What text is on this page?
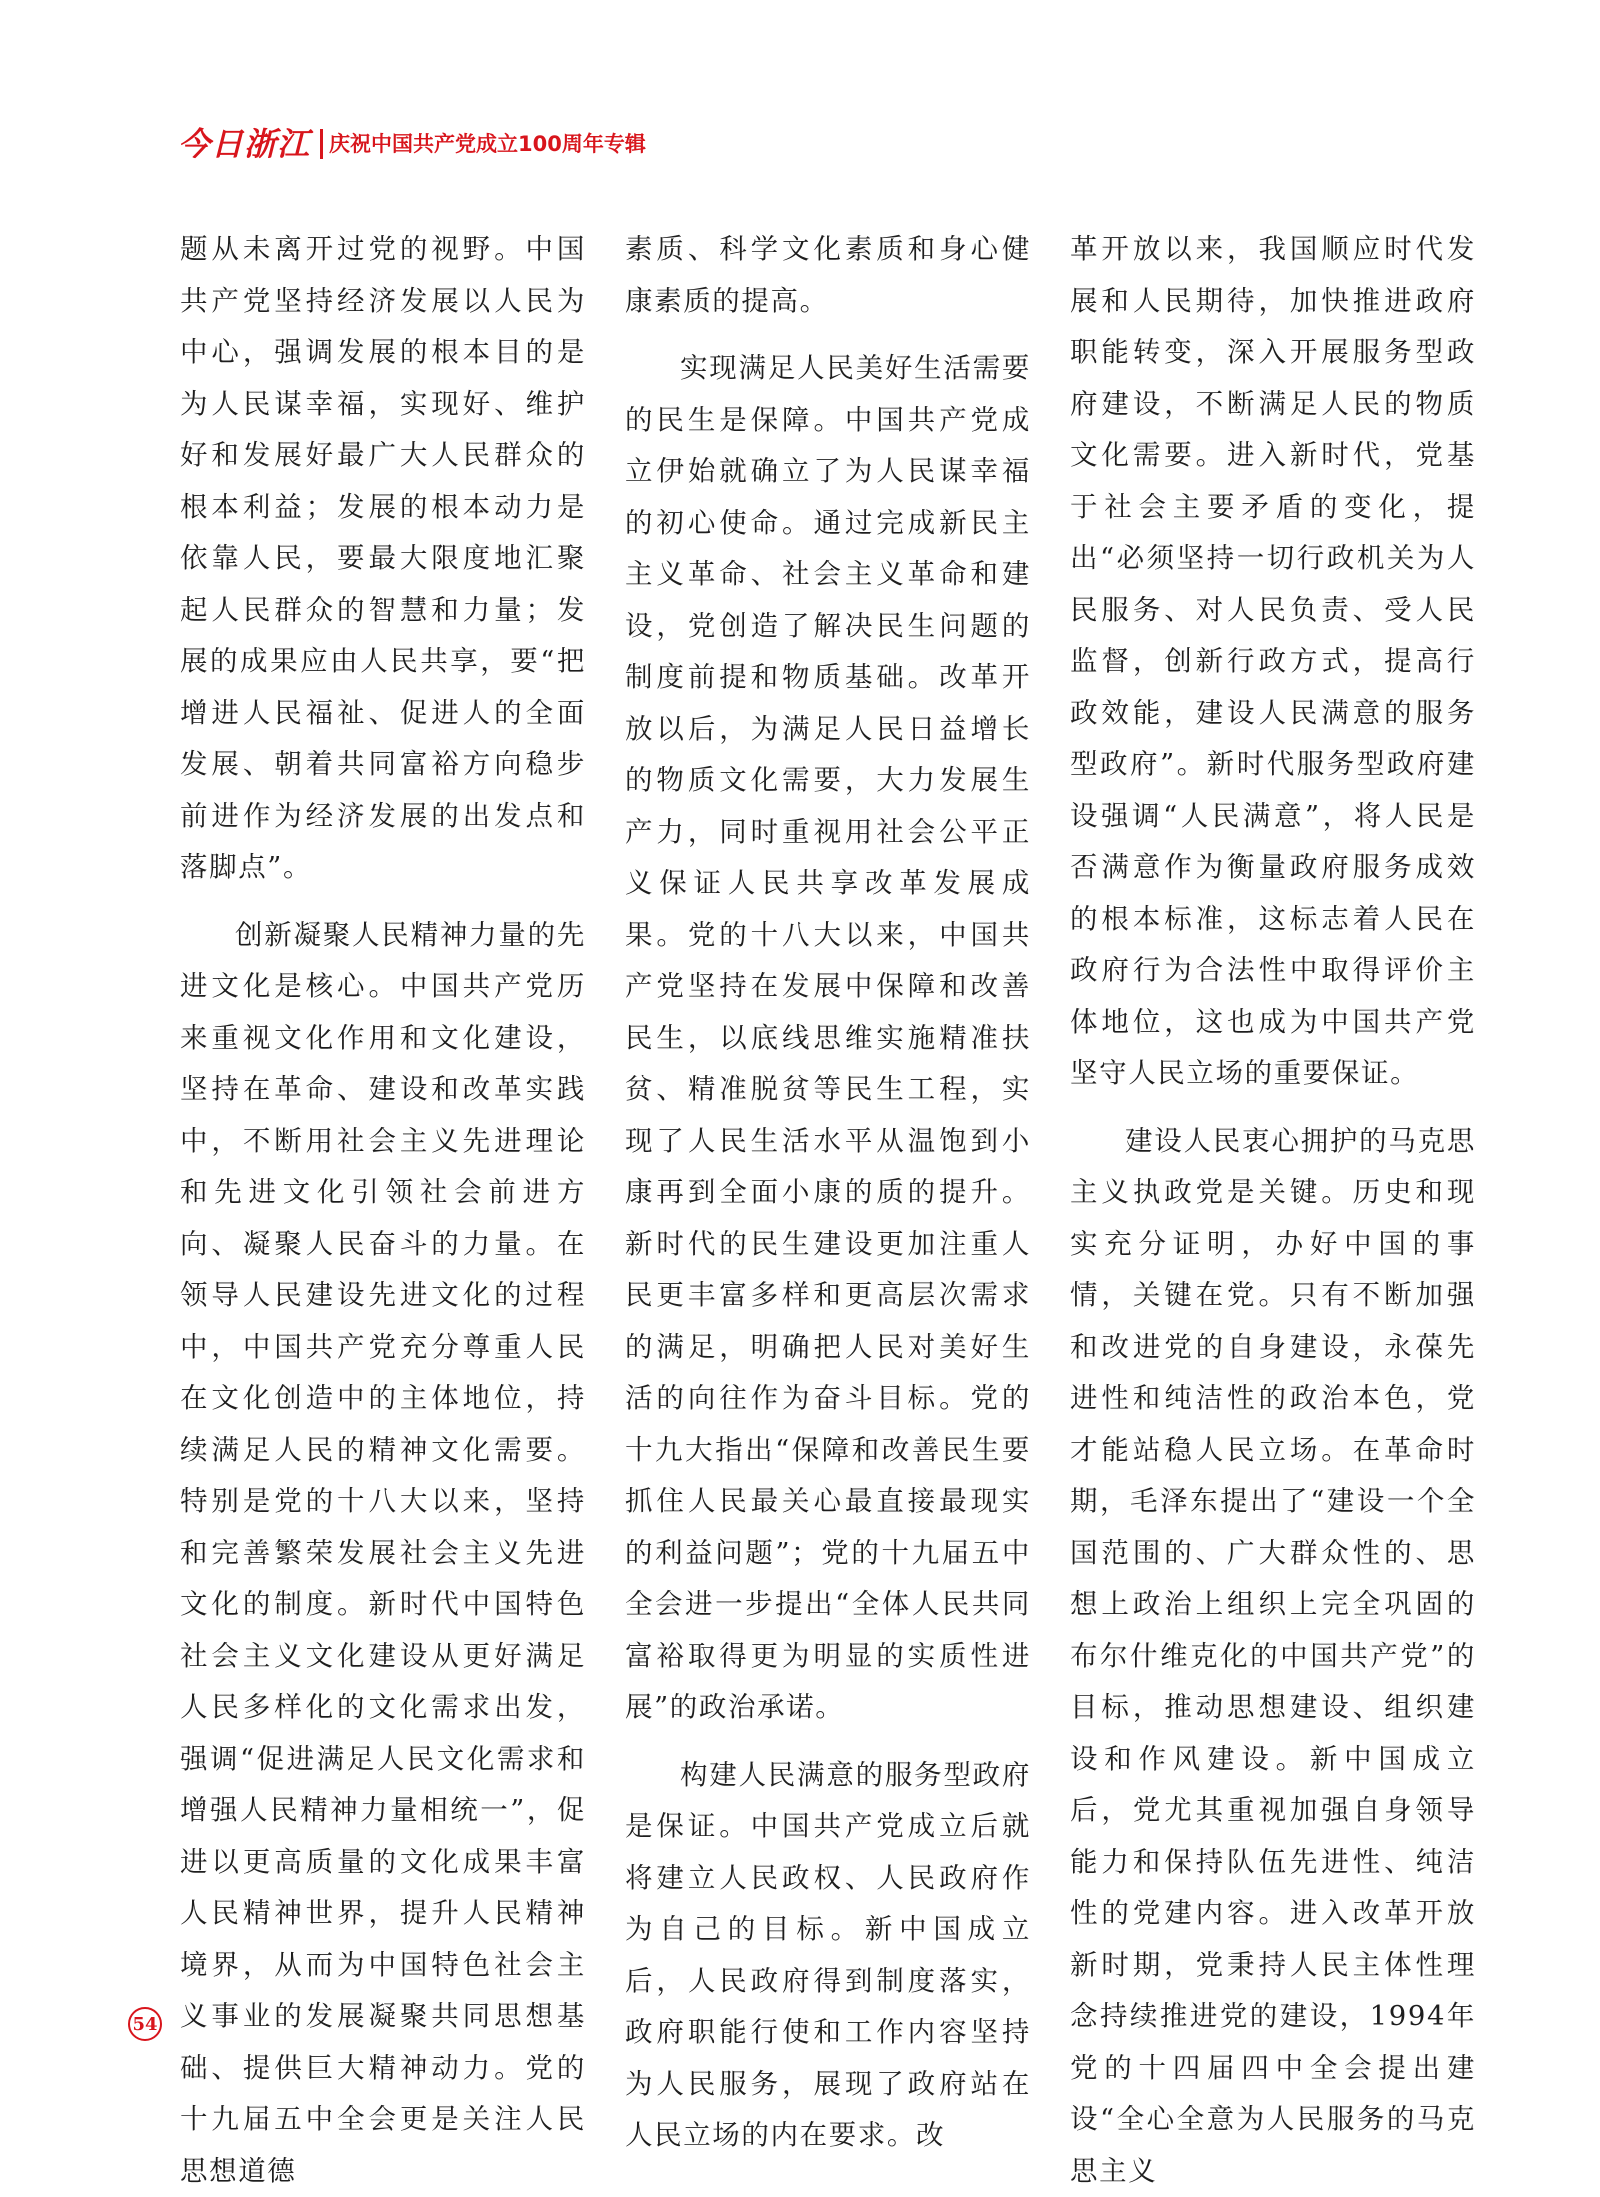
今日浙江 庆祝中国共产党成立100周年专辑

题从未离开过党的视野。中国共产党坚持经济发展以人民为中心，强调发展的根本目的是为人民谋幸福，实现好、维护好和发展好最广大人民群众的根本利益；发展的根本动力是依靠人民，要最大限度地汇聚起人民群众的智慧和力量；发展的成果应由人民共享，要“把增进人民福祉、促进人的全面发展、朝着共同富裕方向稳步前进作为经济发展的出发点和落脚点”。

创新凝聚人民精神力量的先进文化是核心。中国共产党历来重视文化作用和文化建设，坚持在革命、建设和改革实践中，不断用社会主义先进理论和先进文化引领社会前进方向、凝聚人民奋斗的力量。在领导人民建设先进文化的过程中，中国共产党充分尊重人民在文化创造中的主体地位，持续满足人民的精神文化需要。特别是党的十八大以来，坚持和完善繁荣发展社会主义先进文化的制度。新时代中国特色社会主义文化建设从更好满足人民多样化的文化需求出发，强调“促进满足人民文化需求和增强人民精神力量相统一”，促进以更高质量的文化成果丰富人民精神世界，提升人民精神境界，从而为中国特色社会主义事业的发展凝聚共同思想基础、提供巨大精神动力。党的十九届五中全会更是关注人民思想道德

素质、科学文化素质和身心健康素质的提高。

实现满足人民美好生活需要的民生是保障。中国共产党成立伊始就确立了为人民谋幸福的初心使命。通过完成新民主主义革命、社会主义革命和建设，党创造了解决民生问题的制度前提和物质基础。改革开放以后，为满足人民日益增长的物质文化需要，大力发展生产力，同时重视用社会公平正义保证人民共享改革发展成果。党的十八大以来，中国共产党坚持在发展中保障和改善民生，以底线思维实施精准扶贫、精准脱贫等民生工程，实现了人民生活水平从温饱到小康再到全面小康的质的提升。新时代的民生建设更加注重人民更丰富多样和更高层次需求的满足，明确把人民对美好生活的向往作为奋斗目标。党的十九大指出“保障和改善民生要抓住人民最关心最直接最现实的利益问题”；党的十九届五中全会进一步提出“全体人民共同富裕取得更为明显的实质性进展”的政治承诺。

构建人民满意的服务型政府是保证。中国共产党成立后就将建立人民政权、人民政府作为自己的目标。新中国成立后，人民政府得到制度落实，政府职能行使和工作内容坚持为人民服务，展现了政府站在人民立场的内在要求。改

革开放以来，我国顺应时代发展和人民期待，加快推进政府职能转变，深入开展服务型政府建设，不断满足人民的物质文化需要。进入新时代，党基于社会主要矛盾的变化，提出“必须坚持一切行政机关为人民服务、对人民负责、受人民监督，创新行政方式，提高行政效能，建设人民满意的服务型政府”。新时代服务型政府建设强调“人民满意”，将人民是否满意作为衡量政府服务成效的根本标准，这标志着人民在政府行为合法性中取得评价主体地位，这也成为中国共产党坚守人民立场的重要保证。

建设人民衷心拥护的马克思主义执政党是关键。历史和现实充分证明，办好中国的事情，关键在党。只有不断加强和改进党的自身建设，永葆先进性和纯洁性的政治本色，党才能站稳人民立场。在革命时期，毛泽东提出了“建设一个全国范围的、广大群众性的、思想上政治上组织上完全巩固的布尔什维克化的中国共产党”的目标，推动思想建设、组织建设和作风建设。新中国成立后，党尤其重视加强自身领导能力和保持队伍先进性、纯洁性的党建内容。进入改革开放新时期，党秉持人民主体性理念持续推进党的建设，1994年党的十四届四中全会提出建设“全心全意为人民服务的马克思主义

54
